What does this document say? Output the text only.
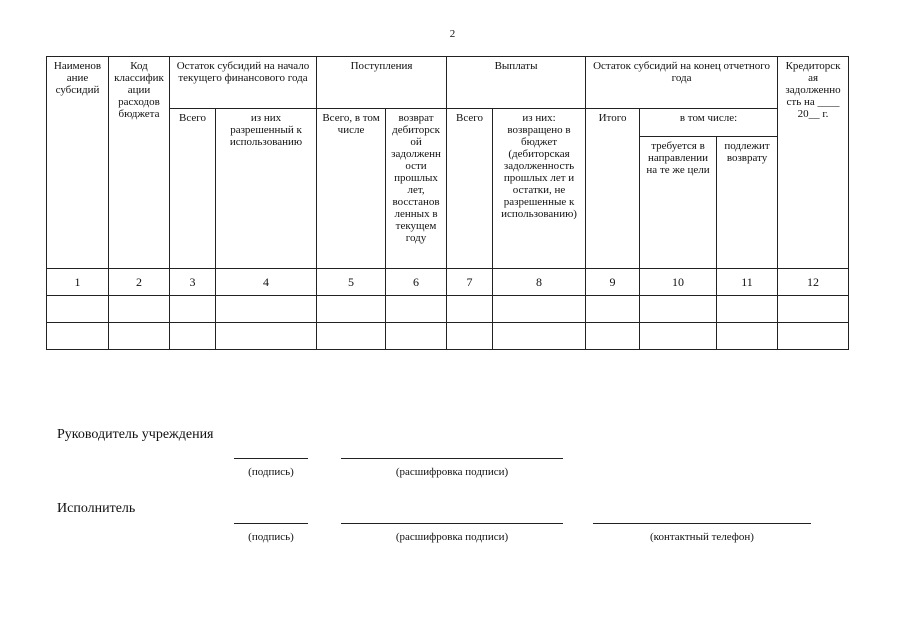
2
Наименов ание субсидий	Код классифик ации расходов бюджета	Остаток субсидий на начало текущего финансового года		Поступления		Выплаты		Остаток субсидий на конец отчетного года			Кредиторск ая задолженно сть на ____ 20__ г.
		Всего	из них разрешенный к использованию	Всего, в том числе	возврат дебиторск ой задолженн ости прошлых лет, восстанов ленных в текущем году	Всего	из них: возвращено в бюджет (дебиторская задолженность прошлых лет и остатки, не разрешенные к использованию)	Итого	в том числе:		
									требуется в направлении на те же цели	подлежит возврату	
1	2	3	4	5	6	7	8	9	10	11	12

Руководитель учреждения
(подпись)	(расшифровка подписи)
Исполнитель
(подпись)	(расшифровка подписи)	(контактный телефон)
